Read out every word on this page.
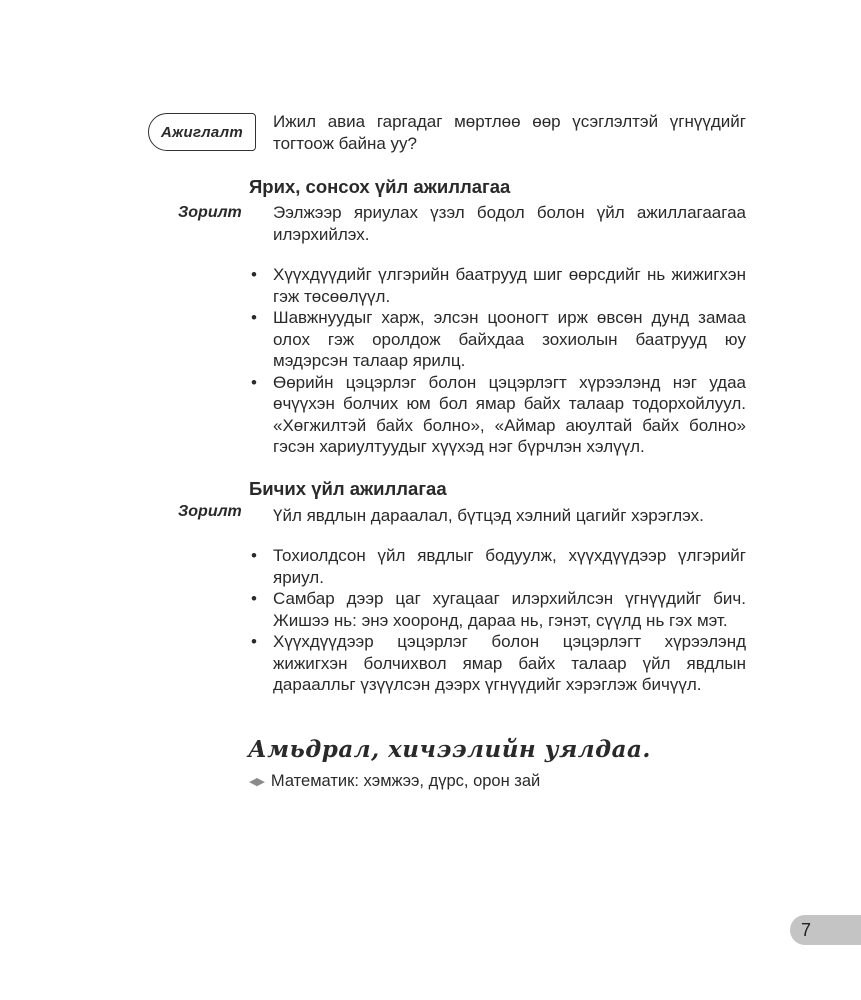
Ажиглалт
Ижил авиа гаргадаг мөртлөө өөр үсэглэлтэй үгнүүдийг тогтоож байна уу?
Ярих, сонсох үйл ажиллагаа
Зорилт Ээлжээр яриулах үзэл бодол болон үйл ажиллагаагаа илэрхийлэх.
• Хүүхдүүдийг үлгэрийн баатрууд шиг өөрсдийг нь жижигхэн гэж төсөөлүүл.
• Шавжнуудыг харж, элсэн цооногт ирж өвсөн дунд замаа олох гэж оролдож байхдаа зохиолын баатрууд юу мэдэрсэн талаар ярилц.
• Өөрийн цэцэрлэг болон цэцэрлэгт хүрээлэнд нэг удаа өчүүхэн болчих юм бол ямар байх талаар тодорхойлуул. «Хөгжилтэй байх болно», «Аймар аюултай байх болно» гэсэн хариултуудыг хүүхэд нэг бүрчлэн хэлүүл.
Бичих үйл ажиллагаа
Зорилт Үйл явдлын дараалал, бүтцэд хэлний цагийг хэрэглэх.
• Тохиолдсон үйл явдлыг бодуулж, хүүхдүүдээр үлгэрийг яриул.
• Самбар дээр цаг хугацааг илэрхийлсэн үгнүүдийг бич. Жишээ нь: энэ хооронд, дараа нь, гэнэт, сүүлд нь гэх мэт.
• Хүүхдүүдээр цэцэрлэг болон цэцэрлэгт хүрээлэнд жижигхэн болчихвол ямар байх талаар үйл явдлын дараалльг үзүүлсэн дээрх үгнүүдийг хэрэглэж бичүүл.
Амьдрал, хичээлийн уялдаа.
◀▶ Математик: хэмжээ, дүрс, орон зай
7
